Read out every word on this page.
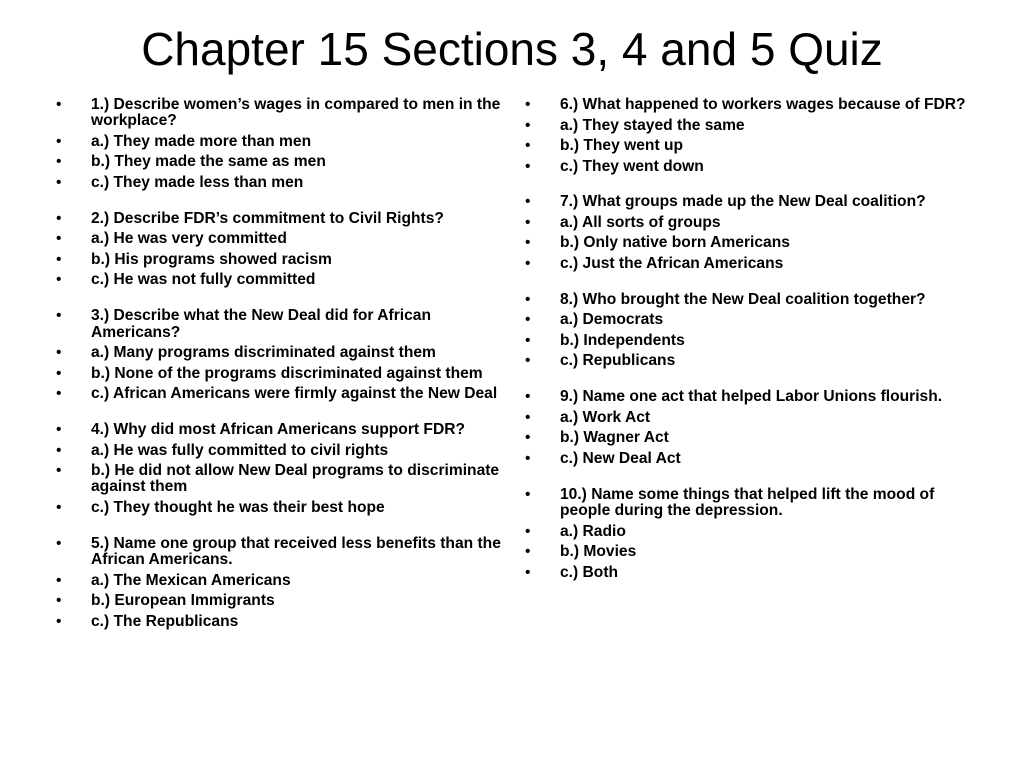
Chapter 15 Sections 3, 4 and 5 Quiz
• 1.) Describe women’s wages in compared to men in the workplace?
• a.) They made more than men
• b.) They made the same as men
• c.) They made less than men
• 2.) Describe FDR’s commitment to Civil Rights?
• a.) He was very committed
• b.) His programs showed racism
• c.) He was not fully committed
• 3.) Describe what the New Deal did for African Americans?
• a.) Many programs discriminated against them
• b.) None of the programs discriminated against them
• c.) African Americans were firmly against the New Deal
• 4.) Why did most African Americans support FDR?
• a.) He was fully committed to civil rights
• b.) He did not allow New Deal programs to discriminate against them
• c.) They thought he was their best hope
• 5.) Name one group that received less benefits than the African Americans.
• a.) The Mexican Americans
• b.) European Immigrants
• c.) The Republicans
• 6.) What happened to workers wages because of FDR?
• a.) They stayed the same
• b.) They went up
• c.) They went down
• 7.) What groups made up the New Deal coalition?
• a.) All sorts of groups
• b.) Only native born Americans
• c.) Just the African Americans
• 8.) Who brought the New Deal coalition together?
• a.) Democrats
• b.) Independents
• c.) Republicans
• 9.) Name one act that helped Labor Unions flourish.
• a.) Work Act
• b.) Wagner Act
• c.) New Deal Act
• 10.) Name some things that helped lift the mood of people during the depression.
• a.) Radio
• b.) Movies
• c.) Both
